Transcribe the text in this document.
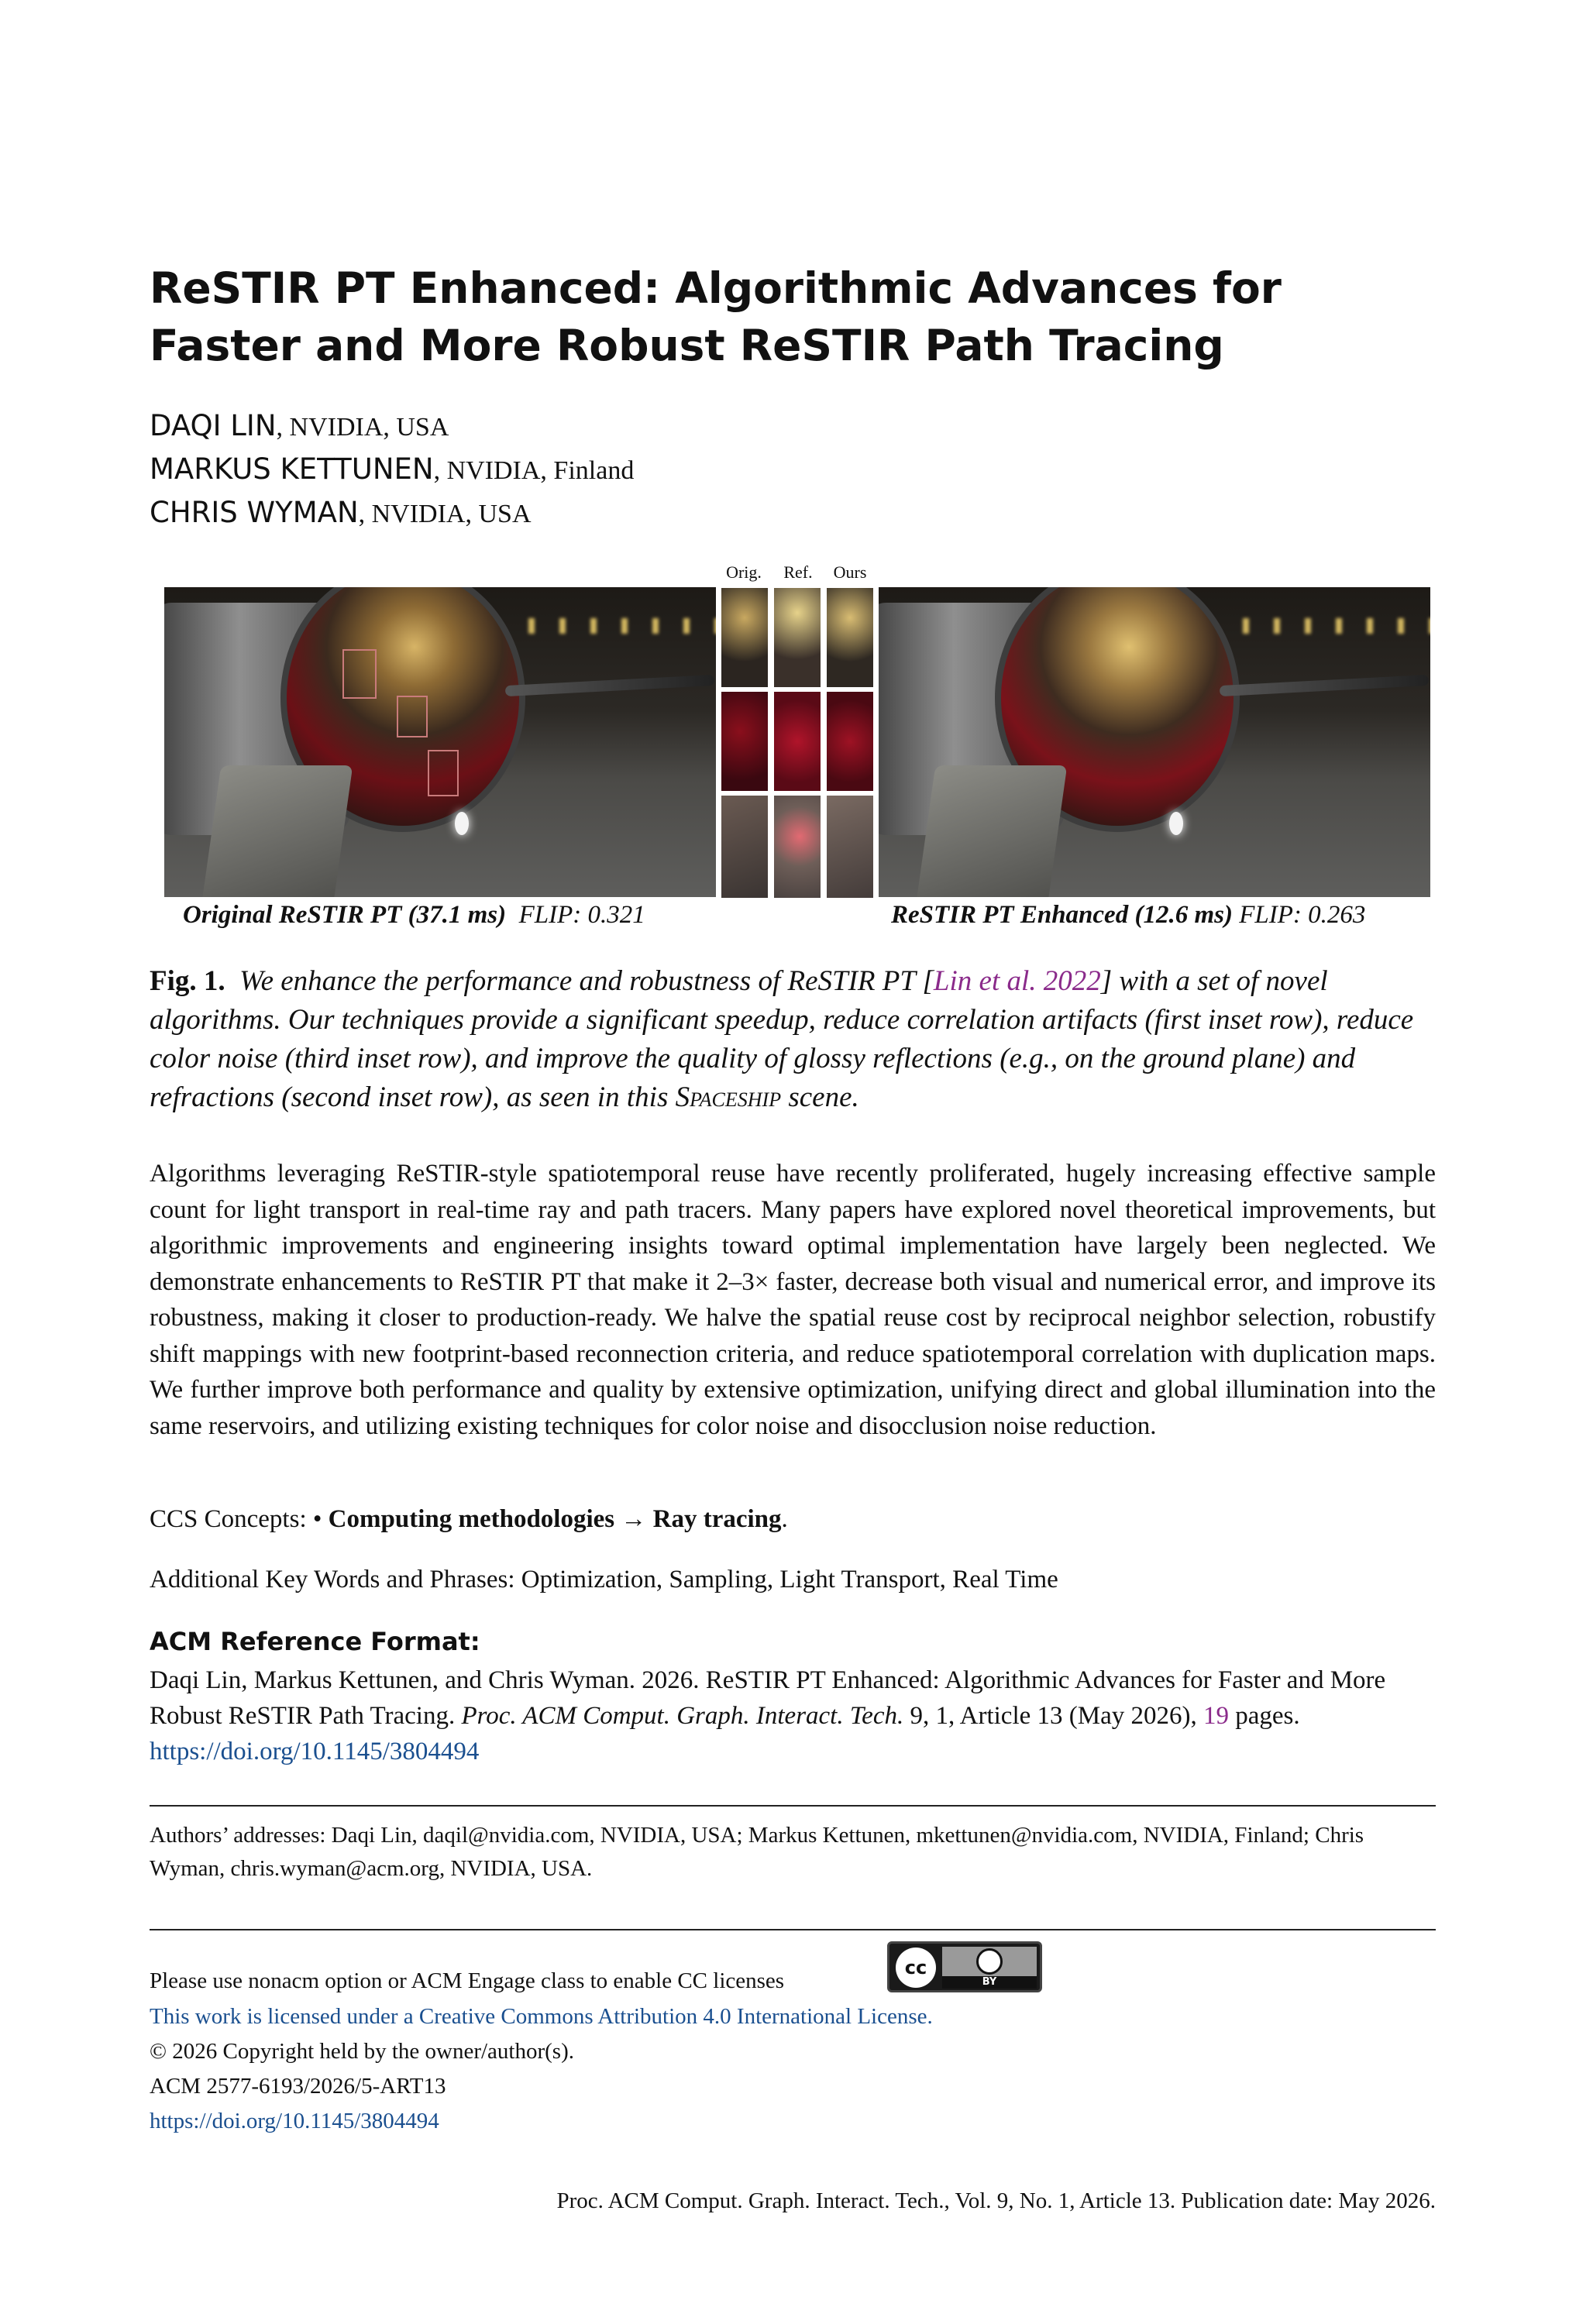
ReSTIR PT Enhanced: Algorithmic Advances for Faster and More Robust ReSTIR Path Tracing
DAQI LIN, NVIDIA, USA
MARKUS KETTUNEN, NVIDIA, Finland
CHRIS WYMAN, NVIDIA, USA
Orig.	Ref.	Ours
Original ReSTIR PT (37.1 ms) FLIP: 0.321	ReSTIR PT Enhanced (12.6 ms) FLIP: 0.263
Fig. 1. We enhance the performance and robustness of ReSTIR PT [Lin et al. 2022] with a set of novel algorithms. Our techniques provide a significant speedup, reduce correlation artifacts (first inset row), reduce color noise (third inset row), and improve the quality of glossy reflections (e.g., on the ground plane) and refractions (second inset row), as seen in this Spaceship scene.
Algorithms leveraging ReSTIR-style spatiotemporal reuse have recently proliferated, hugely increasing effective sample count for light transport in real-time ray and path tracers. Many papers have explored novel theoretical improvements, but algorithmic improvements and engineering insights toward optimal implementation have largely been neglected. We demonstrate enhancements to ReSTIR PT that make it 2–3× faster, decrease both visual and numerical error, and improve its robustness, making it closer to production-ready. We halve the spatial reuse cost by reciprocal neighbor selection, robustify shift mappings with new footprint-based reconnection criteria, and reduce spatiotemporal correlation with duplication maps. We further improve both performance and quality by extensive optimization, unifying direct and global illumination into the same reservoirs, and utilizing existing techniques for color noise and disocclusion noise reduction.
CCS Concepts: • Computing methodologies → Ray tracing.
Additional Key Words and Phrases: Optimization, Sampling, Light Transport, Real Time
ACM Reference Format:
Daqi Lin, Markus Kettunen, and Chris Wyman. 2026. ReSTIR PT Enhanced: Algorithmic Advances for Faster and More Robust ReSTIR Path Tracing. Proc. ACM Comput. Graph. Interact. Tech. 9, 1, Article 13 (May 2026), 19 pages. https://doi.org/10.1145/3804494
Authors’ addresses: Daqi Lin, daqil@nvidia.com, NVIDIA, USA; Markus Kettunen, mkettunen@nvidia.com, NVIDIA, Finland; Chris Wyman, chris.wyman@acm.org, NVIDIA, USA.
Please use nonacm option or ACM Engage class to enable CC licenses
cc
BY
This work is licensed under a Creative Commons Attribution 4.0 International License.
© 2026 Copyright held by the owner/author(s).
ACM 2577-6193/2026/5-ART13
https://doi.org/10.1145/3804494
Proc. ACM Comput. Graph. Interact. Tech., Vol. 9, No. 1, Article 13. Publication date: May 2026.
